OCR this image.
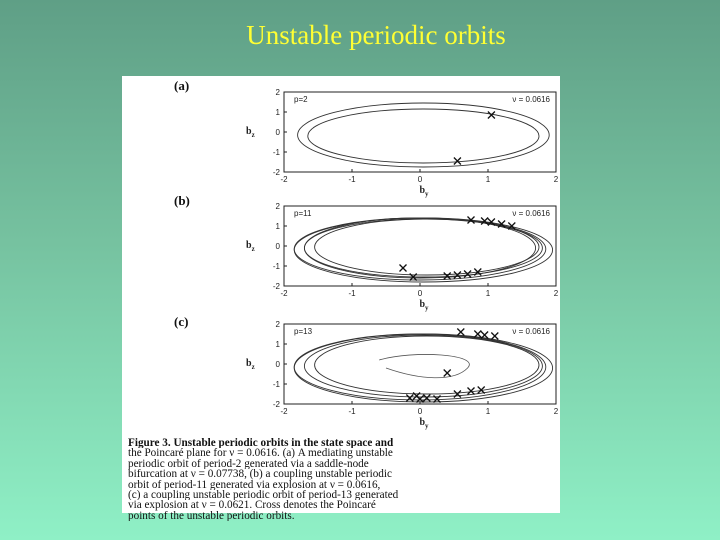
Unstable periodic orbits
(a)
(b)
(c)
-2	-1	0	1	2
2
1
0
-1
-2
$b_y$
$b_z$
p=2	ν = 0.0616
-2	-1	0	1	2
2
1
0
-1
-2
$b_y$
$b_z$
p=11	ν = 0.0616
-2	-1	0	1	2
2
1
0
-1
-2
$b_y$
$b_z$
p=13	ν = 0.0616
Figure 3. Unstable periodic orbits in the state space and
the Poincaré plane for ν = 0.0616. (a) A mediating unstable
periodic orbit of period-2 generated via a saddle-node
bifurcation at ν = 0.07738, (b) a coupling unstable periodic
orbit of period-11 generated via explosion at ν = 0.0616,
(c) a coupling unstable periodic orbit of period-13 generated
via explosion at ν = 0.0621. Cross denotes the Poincaré
points of the unstable periodic orbits.
